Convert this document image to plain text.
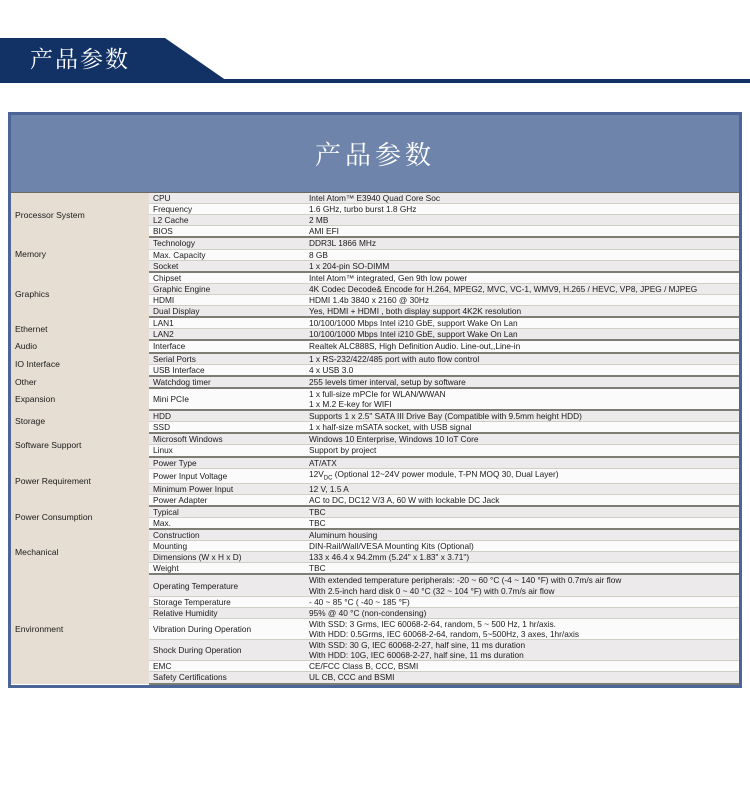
产品参数
产品参数
Processor System	CPU	Intel Atom™ E3940 Quad Core Soc
	Frequency	1.6 GHz, turbo burst 1.8 GHz
	L2 Cache	2 MB
	BIOS	AMI EFI
Memory	Technology	DDR3L 1866 MHz
	Max. Capacity	8 GB
	Socket	1 x 204-pin SO-DIMM
Graphics	Chipset	Intel Atom™ integrated, Gen 9th low power
	Graphic Engine	4K Codec Decode& Encode for H.264, MPEG2, MVC, VC-1, WMV9, H.265 / HEVC, VP8, JPEG / MJPEG
	HDMI	HDMI 1.4b 3840 x 2160 @ 30Hz
	Dual Display	Yes, HDMI + HDMI , both display support 4K2K resolution
Ethernet	LAN1	10/100/1000 Mbps Intel i210 GbE, support Wake On Lan
	LAN2	10/100/1000 Mbps Intel i210 GbE, support Wake On Lan
Audio	Interface	Realtek ALC888S, High Definition Audio. Line-out,,Line-in
IO Interface	Serial Ports	1 x RS-232/422/485 port with auto flow control
	USB Interface	4 x USB 3.0
Other	Watchdog timer	255 levels timer interval, setup by software
Expansion	Mini PCIe	1 x full-size mPCIe for WLAN/WWAN
1 x M.2 E-key for WIFI

Storage	HDD	Supports 1 x 2.5" SATA III Drive Bay (Compatible with 9.5mm height HDD)
	SSD	1 x half-size mSATA socket, with USB signal
Software Support	Microsoft Windows	Windows 10 Enterprise, Windows 10 IoT Core
	Linux	Support by project
Power Requirement	Power Type	AT/ATX
	Power Input Voltage	$12V_{DC}$ (Optional 12~24V power module, T-PN MOQ 30, Dual Layer)
	Minimum Power Input	12 V, 1.5 A
	Power Adapter	AC to DC, DC12 V/3 A, 60 W with lockable DC Jack
Power Consumption	Typical	TBC
	Max.	TBC
Mechanical	Construction	Aluminum housing
	Mounting	DIN-Rail/Wall/VESA Mounting Kits (Optional)
	Dimensions (W x H x D)	133 x 46.4 x 94.2mm (5.24" x 1.83" x 3.71")
	Weight	TBC
Environment	Operating Temperature	With extended temperature peripherals: -20 ~ 60 °C (-4 ~ 140 °F) with 0.7m/s air flow
With 2.5-inch hard disk 0 ~ 40 °C (32 ~ 104 °F) with 0.7m/s air flow

	Storage Temperature	- 40 ~ 85 °C ( -40 ~ 185 °F)
	Relative Humidity	95% @ 40 °C (non-condensing)
	Vibration During Operation	With SSD: 3 Grms, IEC 60068-2-64, random, 5 ~ 500 Hz, 1 hr/axis.
With HDD: 0.5Grms, IEC 60068-2-64, random, 5~500Hz, 3 axes, 1hr/axis

	Shock During Operation	With SSD: 30 G, IEC 60068-2-27, half sine, 11 ms duration
With HDD: 10G, IEC 60068-2-27, half sine, 11 ms duration

	EMC	CE/FCC Class B, CCC, BSMI
	Safety Certifications	UL CB, CCC and BSMI
